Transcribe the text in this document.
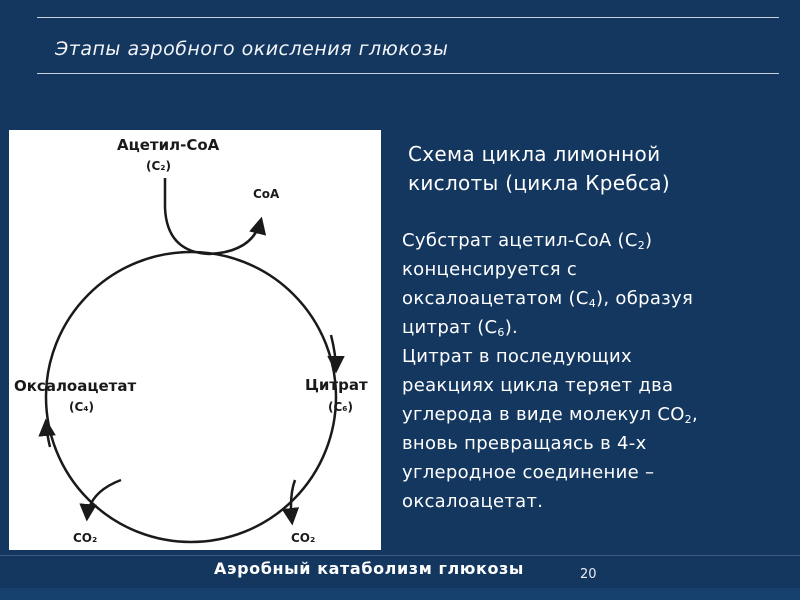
Этапы аэробного окисления глюкозы
Ацетил-СоА
(С₂)
СоА
Цитрат
(С₆)
Оксалоацетат
(С₄)
СО₂	СО₂
Схема цикла лимонной
кислоты (цикла Кребса)

Субстрат ацетил-СоА $(С_2)$
конценсируется с
оксалоацетатом $(С_4)$, образуя
цитрат $(С_6)$.

Цитрат в последующих
реакциях цикла теряет два
углерода в виде молекул $СО_2$,
вновь превращаясь в 4-х
углеродное соединение –
оксалоацетат.

Аэробный катаболизм глюкозы	20
